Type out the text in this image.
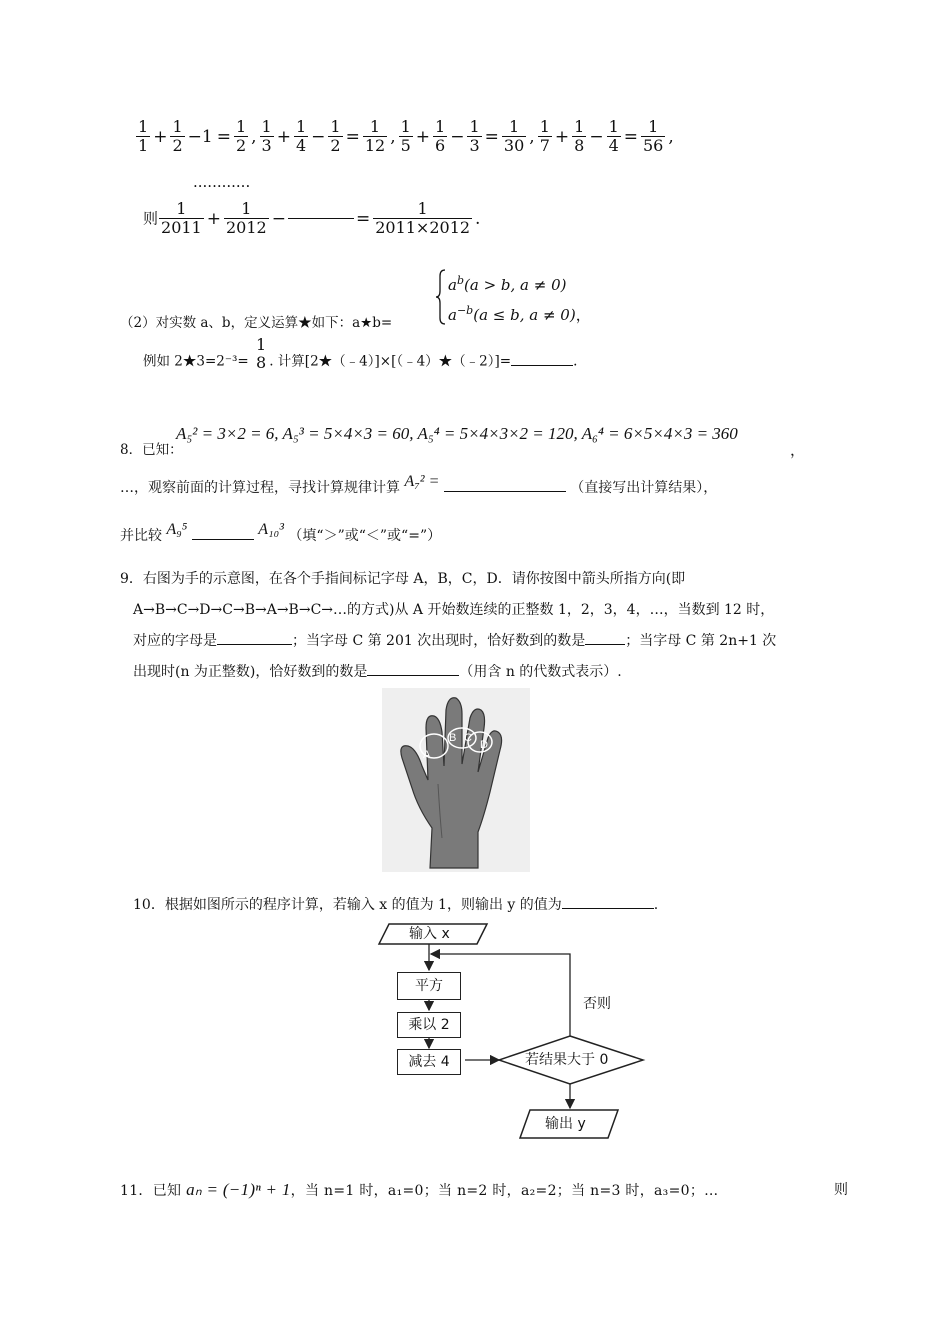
$\frac{1}{1} + \frac{1}{2} -1 = \frac{1}{2}$ , $\frac{1}{3} + \frac{1}{4} - \frac{1}{2} = \frac{1}{12}$ , $\frac{1}{5} + \frac{1}{6} - \frac{1}{3} = \frac{1}{30}$ , $\frac{1}{7} + \frac{1}{8} - \frac{1}{4} = \frac{1}{56}$ ,
............
则 $\frac{1}{2011} + \frac{1}{2012}$ −	= $\frac{1}{2011\times 2012}$ .
（2）对实数 a、b，定义运算★如下：a★b=
$a^b(a > b$, a ≠ 0)
$a^{-b}(a \le b$, a ≠ 0)，
例如 2★3=2⁻³=
1
8 . 计算[2★（﹣4）]×[（﹣4）★（﹣2）]=	.
8．已知：
A₅² = 3×2 = 6, A₅³ = 5×4×3 = 60, A₅⁴ = 5×4×3×2 = 120, A₆⁴ = 6×5×4×3 = 360
，
…，观察前面的计算过程，寻找计算规律计算 A₇² =	（直接写出计算结果），
并比较 A₉⁵	A₁₀³ （填“＞”或“＜”或“=”）
9．右图为手的示意图，在各个手指间标记字母 A，B，C，D．请你按图中箭头所指方向(即
A→B→C→D→C→B→A→B→C→…的方式)从 A 开始数连续的正整数 1，2，3，4，…，当数到 12 时，
对应的字母是	；当字母 C 第 201 次出现时，恰好数到的数是	；当字母 C 第 2n+1 次
出现时(n 为正整数)，恰好数到的数是	（用含 n 的代数式表示）.
A
B C
D
10．根据如图所示的程序计算，若输入 x 的值为 1，则输出 y 的值为	.
输入 x
平方
乘以 2
减去 4	若结果大于 0
否则
输出 y
11．已知 aₙ = (−1)ⁿ + 1，当 n=1 时，a₁=0；当 n=2 时，a₂=2；当 n=3 时，a₃=0；…	则
